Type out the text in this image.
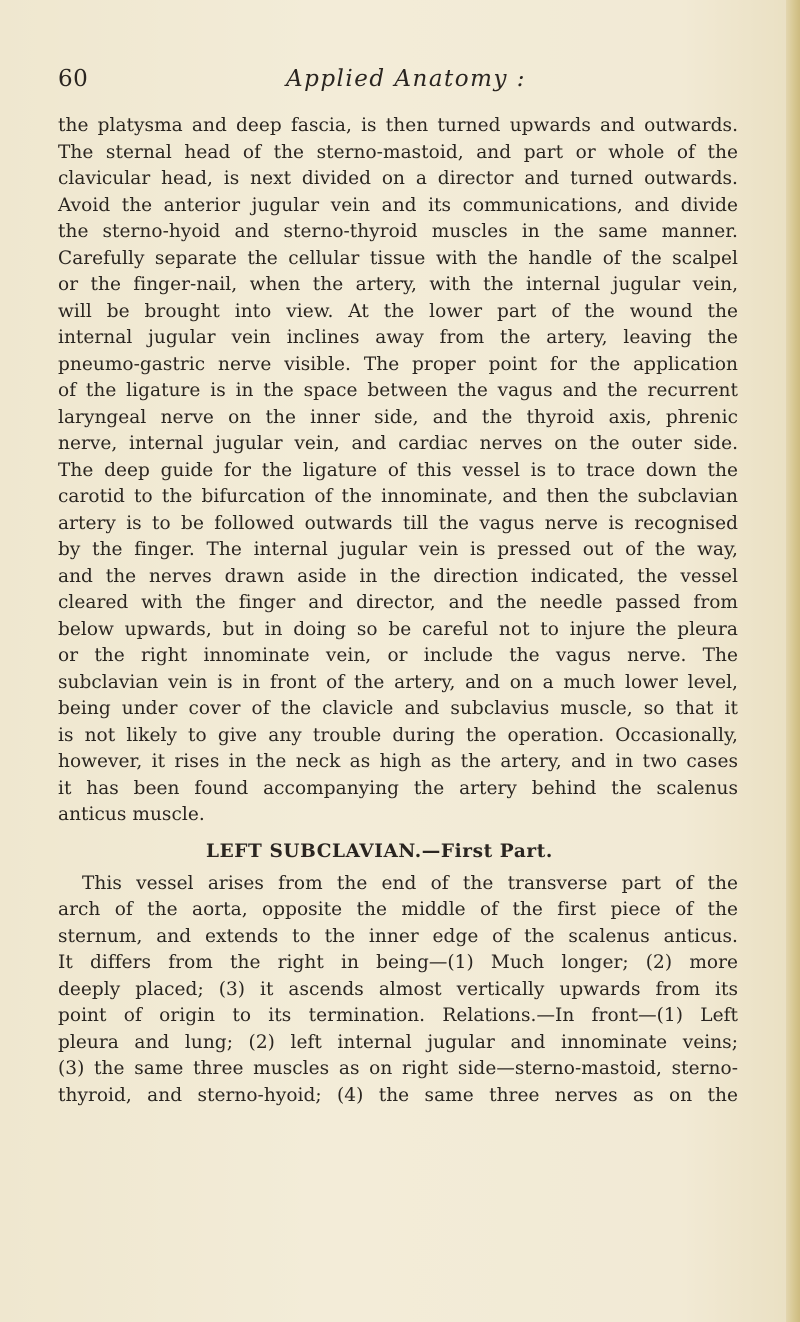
60	Applied Anatomy :
the platysma and deep fascia, is then turned upwards and outwards.
The sternal head of the sterno-mastoid, and part or whole of the
clavicular head, is next divided on a director and turned outwards.
Avoid the anterior jugular vein and its communications, and divide
the sterno-hyoid and sterno-thyroid muscles in the same manner.
Carefully separate the cellular tissue with the handle of the scalpel
or the finger-nail, when the artery, with the internal jugular vein,
will be brought into view. At the lower part of the wound the
internal jugular vein inclines away from the artery, leaving the
pneumo-gastric nerve visible. The proper point for the application
of the ligature is in the space between the vagus and the recurrent
laryngeal nerve on the inner side, and the thyroid axis, phrenic
nerve, internal jugular vein, and cardiac nerves on the outer side.
The deep guide for the ligature of this vessel is to trace down the
carotid to the bifurcation of the innominate, and then the subclavian
artery is to be followed outwards till the vagus nerve is recognised
by the finger. The internal jugular vein is pressed out of the way,
and the nerves drawn aside in the direction indicated, the vessel
cleared with the finger and director, and the needle passed from
below upwards, but in doing so be careful not to injure the pleura
or the right innominate vein, or include the vagus nerve. The
subclavian vein is in front of the artery, and on a much lower level,
being under cover of the clavicle and subclavius muscle, so that it
is not likely to give any trouble during the operation. Occasionally,
however, it rises in the neck as high as the artery, and in two cases
it has been found accompanying the artery behind the scalenus
anticus muscle.
LEFT SUBCLAVIAN.—First Part.
This vessel arises from the end of the transverse part of the
arch of the aorta, opposite the middle of the first piece of the
sternum, and extends to the inner edge of the scalenus anticus.
It differs from the right in being—(1) Much longer; (2) more
deeply placed; (3) it ascends almost vertically upwards from its
point of origin to its termination. Relations.—In front—(1) Left
pleura and lung; (2) left internal jugular and innominate veins;
(3) the same three muscles as on right side—sterno-mastoid, sterno-
thyroid, and sterno-hyoid; (4) the same three nerves as on the
